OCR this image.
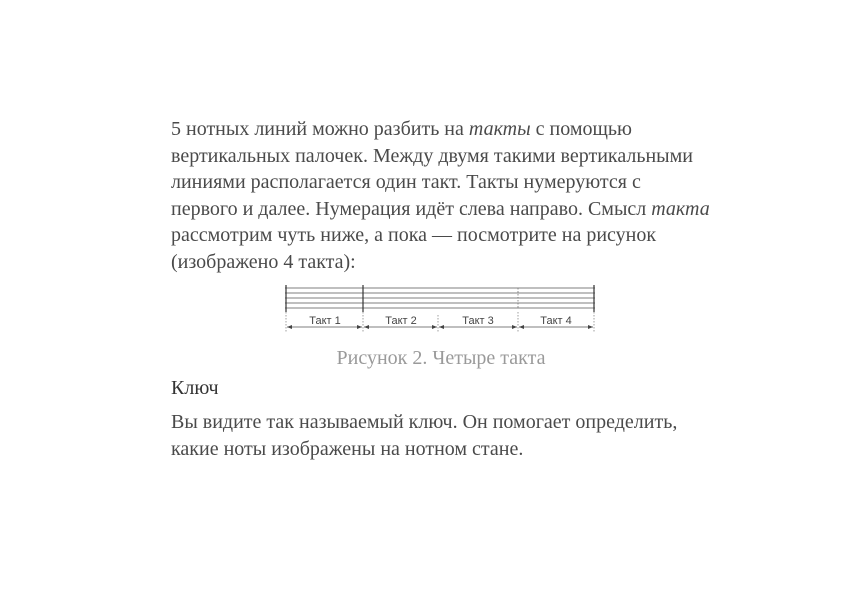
5 нотных линий можно разбить на такты с помощью вертикальных палочек. Между двумя такими вертикальными линиями располагается один такт. Такты нумеруются с первого и далее. Нумерация идёт слева направо. Смысл такта рассмотрим чуть ниже, а пока — посмотрите на рисунок (изображено 4 такта):

Такт 1	Такт 2	Такт 3	Такт 4
Рисунок 2. Четыре такта

Ключ

Вы видите так называемый ключ. Он помогает определить, какие ноты изображены на нотном стане.
